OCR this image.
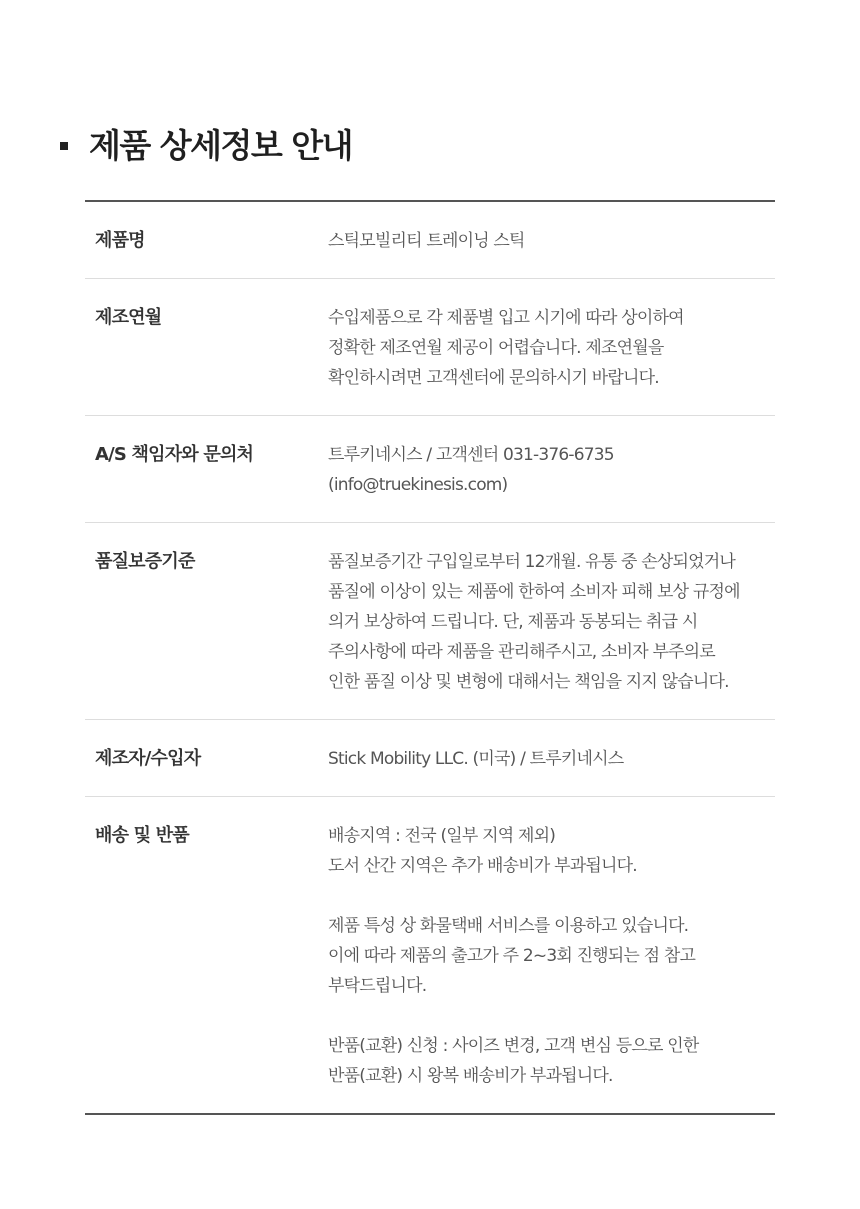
제품 상세정보 안내
제품명	스틱모빌리티 트레이닝 스틱
제조연월	수입제품으로 각 제품별 입고 시기에 따라 상이하여
정확한 제조연월 제공이 어렵습니다. 제조연월을
확인하시려면 고객센터에 문의하시기 바랍니다.
A/S 책임자와 문의처	트루키네시스 / 고객센터 031-376-6735
(info@truekinesis.com)
품질보증기준	품질보증기간 구입일로부터 12개월. 유통 중 손상되었거나
품질에 이상이 있는 제품에 한하여 소비자 피해 보상 규정에
의거 보상하여 드립니다. 단, 제품과 동봉되는 취급 시
주의사항에 따라 제품을 관리해주시고, 소비자 부주의로
인한 품질 이상 및 변형에 대해서는 책임을 지지 않습니다.
제조자/수입자	Stick Mobility LLC. (미국) / 트루키네시스
배송 및 반품	배송지역 : 전국 (일부 지역 제외)
도서 산간 지역은 추가 배송비가 부과됩니다.
제품 특성 상 화물택배 서비스를 이용하고 있습니다.
이에 따라 제품의 출고가 주 2~3회 진행되는 점 참고
부탁드립니다.
반품(교환) 신청 : 사이즈 변경, 고객 변심 등으로 인한
반품(교환) 시 왕복 배송비가 부과됩니다.
